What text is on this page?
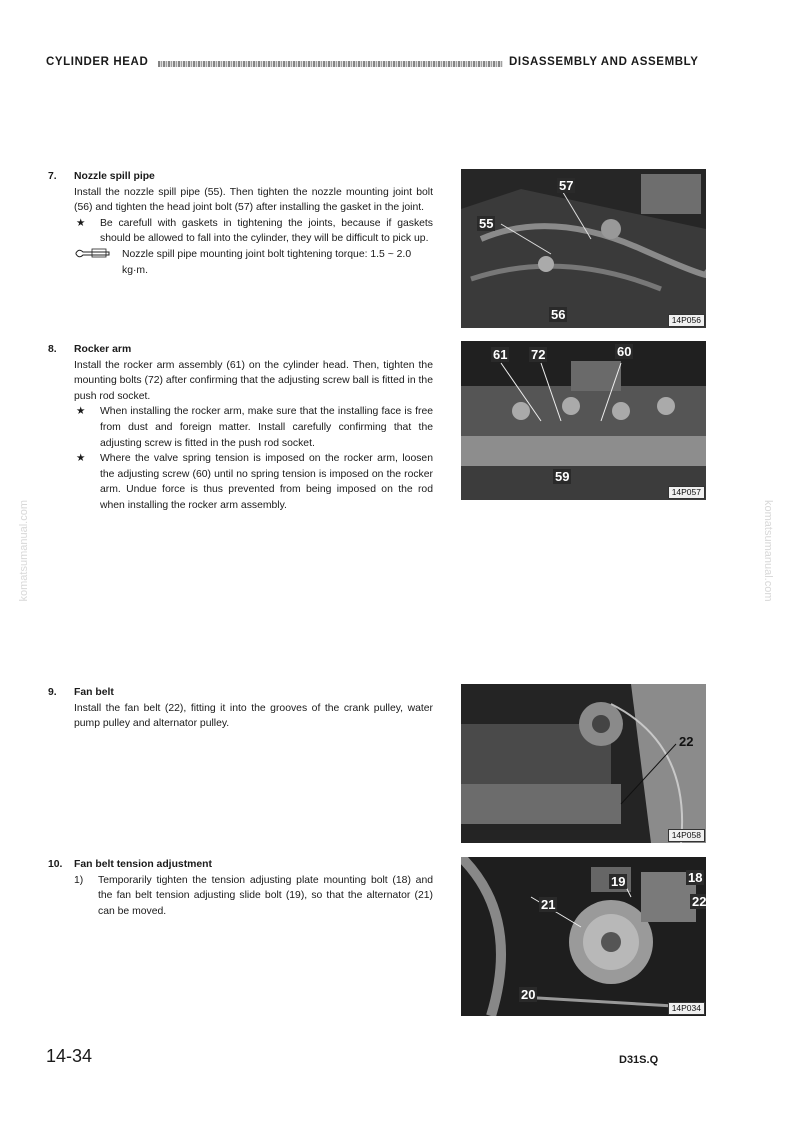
CYLINDER HEAD	DISASSEMBLY AND ASSEMBLY
7. Nozzle spill pipe
Install the nozzle spill pipe (55). Then tighten the nozzle mounting joint bolt (56) and tighten the head joint bolt (57) after installing the gasket in the joint.
★	Be carefull with gaskets in tightening the joints, because if gaskets should be allowed to fall into the cylinder, they will be difficult to pick up.
Nozzle spill pipe mounting joint bolt tightening torque: 1.5 ~ 2.0 kg·m.
8. Rocker arm
Install the rocker arm assembly (61) on the cylinder head. Then, tighten the mounting bolts (72) after confirming that the adjusting screw ball is fitted in the push rod socket.
★	When installing the rocker arm, make sure that the installing face is free from dust and foreign matter. Install carefully confirming that the adjusting screw is fitted in the push rod socket.
★	Where the valve spring tension is imposed on the rocker arm, loosen the adjusting screw (60) until no spring tension is imposed on the rocker arm. Undue force is thus prevented from being imposed on the rod when installing the rocker arm assembly.
9. Fan belt
Install the fan belt (22), fitting it into the grooves of the crank pulley, water pump pulley and alternator pulley.
10. Fan belt tension adjustment
1)	Temporarily tighten the tension adjusting plate mounting bolt (18) and the fan belt tension adjusting slide bolt (19), so that the alternator (21) can be moved.
57
55
56	14P056
61 72	60
59
14P057
22
14P058
19	18
21	22
20
14P034
komatsumanual.com	komatsumanual.com
14-34	D31S.Q
